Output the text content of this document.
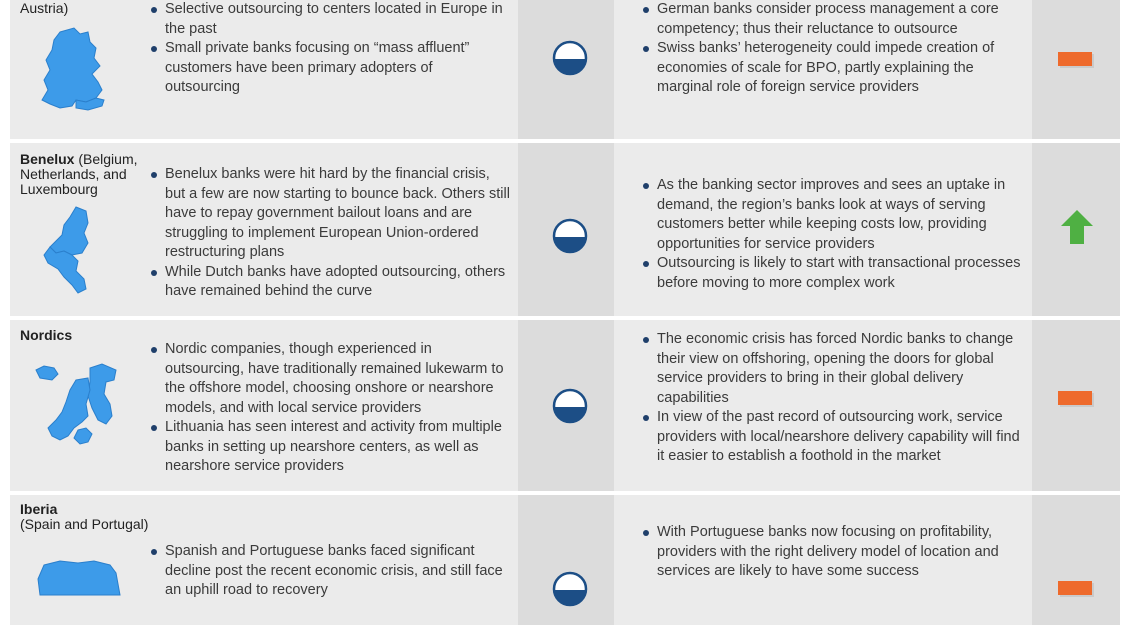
Austria)	Selective outsourcing to centers located in Europe in the past
Small private banks focusing on “mass affluent” customers have been primary adopters of outsourcing
German banks consider process management a core competency; thus their reluctance to outsource
Swiss banks’ heterogeneity could impede creation of economies of scale for BPO, partly explaining the marginal role of foreign service providers
Benelux (Belgium, Netherlands, and Luxembourg
Benelux banks were hit hard by the financial crisis, but a few are now starting to bounce back. Others still have to repay government bailout loans and are struggling to implement European Union-ordered restructuring plans
While Dutch banks have adopted outsourcing, others have remained behind the curve
As the banking sector improves and sees an uptake in demand, the region’s banks look at ways of serving customers better while keeping costs low, providing opportunities for service providers
Outsourcing is likely to start with transactional processes before moving to more complex work
Nordics
Nordic companies, though experienced in outsourcing, have traditionally remained lukewarm to the offshore model, choosing onshore or nearshore models, and with local service providers
Lithuania has seen interest and activity from multiple banks in setting up nearshore centers, as well as nearshore service providers
The economic crisis has forced Nordic banks to change their view on offshoring, opening the doors for global service providers to bring in their global delivery capabilities
In view of the past record of outsourcing work, service providers with local/nearshore delivery capability will find it easier to establish a foothold in the market
Iberia
(Spain and Portugal)
Spanish and Portuguese banks faced significant decline post the recent economic crisis, and still face an uphill road to recovery
With Portuguese banks now focusing on profitability, providers with the right delivery model of location and services are likely to have some success
